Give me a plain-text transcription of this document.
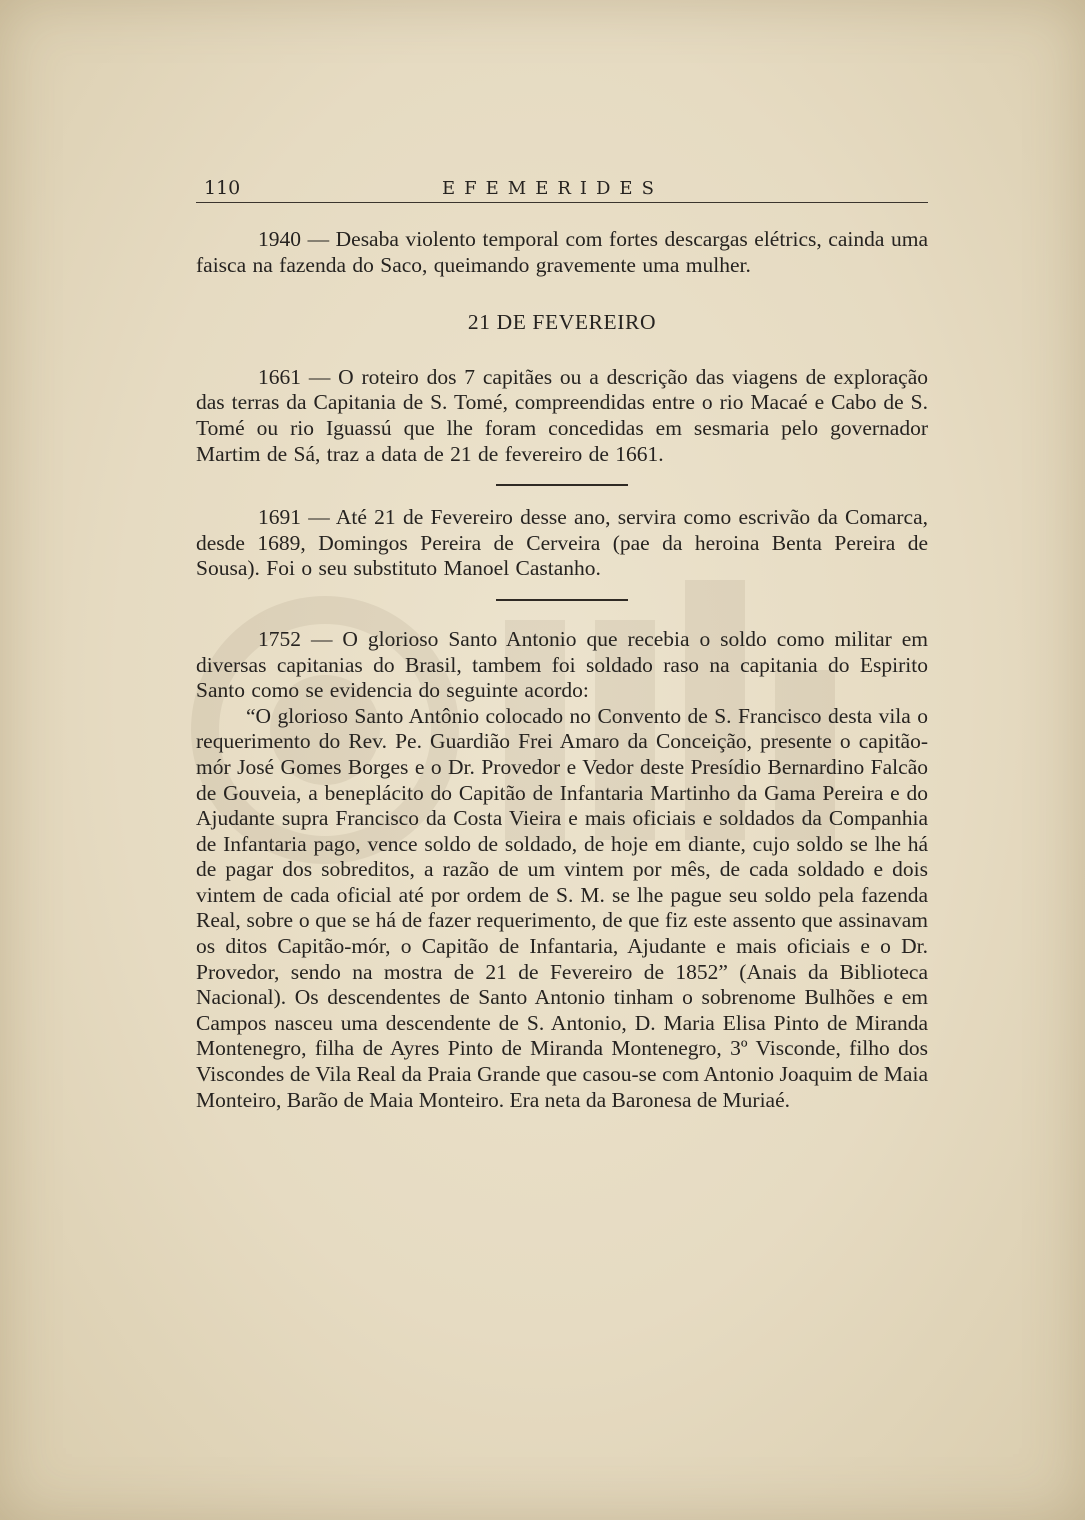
110	EFEMERIDES

1940 — Desaba violento temporal com fortes descargas elétrics, cainda uma faisca na fazenda do Saco, queimando gravemente uma mulher.

21 DE FEVEREIRO

1661 — O roteiro dos 7 capitães ou a descrição das viagens de exploração das terras da Capitania de S. Tomé, compreendidas entre o rio Macaé e Cabo de S. Tomé ou rio Iguassú que lhe foram concedidas em sesmaria pelo governador Martim de Sá, traz a data de 21 de fevereiro de 1661.

1691 — Até 21 de Fevereiro desse ano, servira como escrivão da Comarca, desde 1689, Domingos Pereira de Cerveira (pae da heroina Benta Pereira de Sousa). Foi o seu substituto Manoel Castanho.

1752 — O glorioso Santo Antonio que recebia o soldo como militar em diversas capitanias do Brasil, tambem foi soldado raso na capitania do Espirito Santo como se evidencia do seguinte acordo:

“O glorioso Santo Antônio colocado no Convento de S. Francisco desta vila o requerimento do Rev. Pe. Guardião Frei Amaro da Conceição, presente o capitão-mór José Gomes Borges e o Dr. Provedor e Vedor deste Presídio Bernardino Falcão de Gouveia, a beneplácito do Capitão de Infantaria Martinho da Gama Pereira e do Ajudante supra Francisco da Costa Vieira e mais oficiais e soldados da Companhia de Infantaria pago, vence soldo de soldado, de hoje em diante, cujo soldo se lhe há de pagar dos sobreditos, a razão de um vintem por mês, de cada soldado e dois vintem de cada oficial até por ordem de S. M. se lhe pague seu soldo pela fazenda Real, sobre o que se há de fazer requerimento, de que fiz este assento que assinavam os ditos Capitão-mór, o Capitão de Infantaria, Ajudante e mais oficiais e o Dr. Provedor, sendo na mostra de 21 de Fevereiro de 1852” (Anais da Biblioteca Nacional). Os descendentes de Santo Antonio tinham o sobrenome Bulhões e em Campos nasceu uma descendente de S. Antonio, D. Maria Elisa Pinto de Miranda Montenegro, filha de Ayres Pinto de Miranda Montenegro, 3º Visconde, filho dos Viscondes de Vila Real da Praia Grande que casou-se com Antonio Joaquim de Maia Monteiro, Barão de Maia Monteiro. Era neta da Baronesa de Muriaé.
